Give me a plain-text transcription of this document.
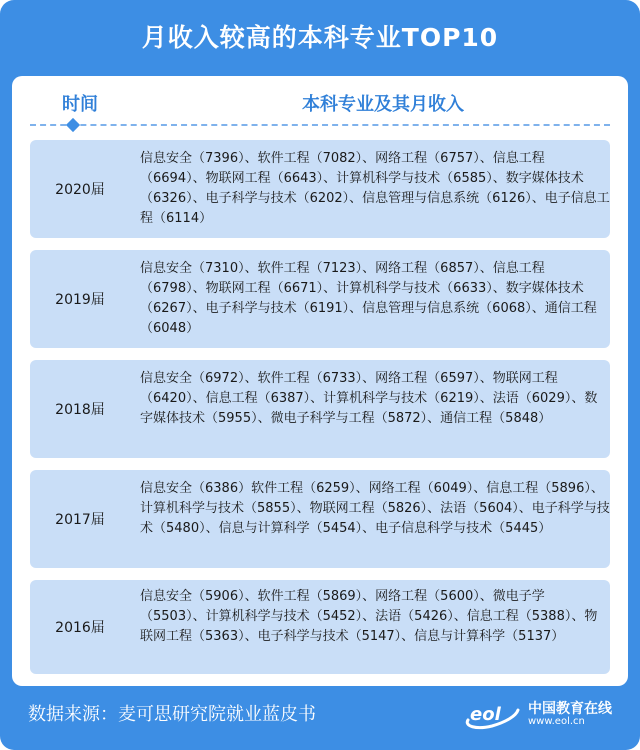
月收入较高的本科专业TOP10
时间	本科专业及其月收入
2020届
信息安全（7396）、软件工程（7082）、网络工程（6757）、信息工程（6694）、物联网工程（6643）、计算机科学与技术（6585）、数字媒体技术（6326）、电子科学与技术（6202）、信息管理与信息系统（6126）、电子信息工程（6114）
2019届
信息安全（7310）、软件工程（7123）、网络工程（6857）、信息工程（6798）、物联网工程（6671）、计算机科学与技术（6633）、数字媒体技术（6267）、电子科学与技术（6191）、信息管理与信息系统（6068）、通信工程（6048）
2018届
信息安全（6972）、软件工程（6733）、网络工程（6597）、物联网工程（6420）、信息工程（6387）、计算机科学与技术（6219）、法语（6029）、数字媒体技术（5955）、微电子科学与工程（5872）、通信工程（5848）
2017届
信息安全（6386）软件工程（6259）、网络工程（6049）、信息工程（5896）、计算机科学与技术（5855）、物联网工程（5826）、法语（5604）、电子科学与技术（5480）、信息与计算科学（5454）、电子信息科学与技术（5445）
2016届
信息安全（5906）、软件工程（5869）、网络工程（5600）、微电子学（5503）、计算机科学与技术（5452）、法语（5426）、信息工程（5388）、物联网工程（5363）、电子科学与技术（5147）、信息与计算科学（5137）
数据来源：麦可思研究院就业蓝皮书	eol 中国教育在线
www.eol.cn
